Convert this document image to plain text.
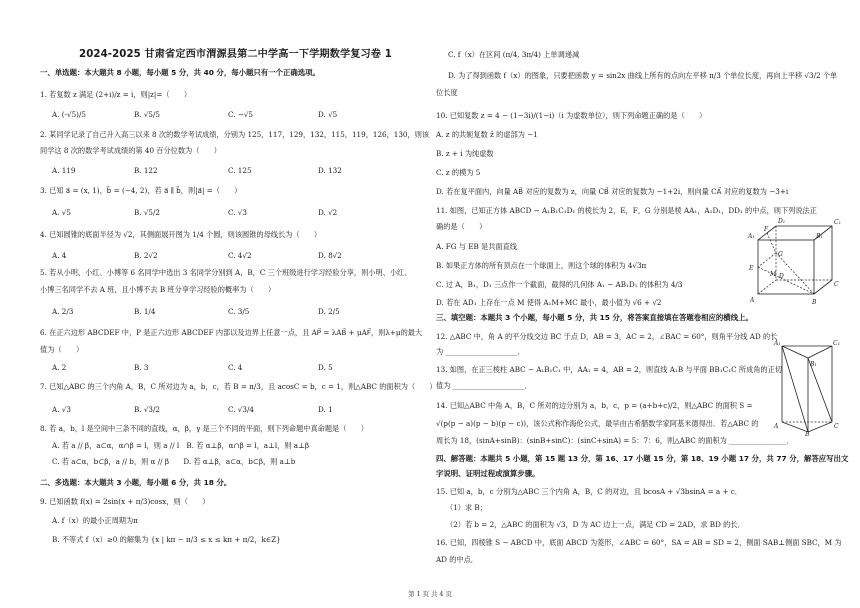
2024-2025 甘肃省定西市渭源县第二中学高一下学期数学复习卷 1
一、单选题：本大题共 8 小题，每小题 5 分，共 40 分，每小题只有一个正确选项。
1. 若复数 z 满足 (2+i)/z = i，则|z|=（　　）
A. (-√5)/5	B. √5/5	C. −√5	D. √5
2. 某同学记录了自己升入高三以来 8 次的数学考试成绩，分别为 125，117，129，132，115，119，126，130，则该
同学这 8 次的数学考试成绩的第 40 百分位数为（　　）
A. 119	B. 122	C. 125	D. 132
3. 已知 a⃗ = (x, 1)，b⃗ = (−4, 2)，若 a⃗ ∥ b⃗，则|a⃗| =（　　）
A. √5	B. √5/2	C. √3	D. √2
4. 已知圆锥的底面半径为 √2，其侧面展开图为 1/4 个圆，则该圆锥的母线长为（　　）
A. 4	B. 2√2	C. 4√2	D. 8√2
5. 若从小明、小红、小博等 6 名同学中选出 3 名同学分别到 A，B，C 三个班级进行学习经验分享，则小明、小红、
小博三名同学不去 A 班，且小博不去 B 班分享学习经验的概率为（　　）
A. 2/3	B. 1/4	C. 3/5	D. 2/5
6. 在正六边形 ABCDEF 中，P 是正六边形 ABCDEF 内部以及边界上任意一点，且 AP⃗ = λAB⃗ + μAF⃗，则λ+μ的最大
值为（　　）
A. 2	B. 3	C. 4	D. 5
7. 已知△ABC 的三个内角 A，B，C 所对边为 a，b，c，若 B = π/3，且 acosC = b，c = 1，则△ABC 的面积为（　　）
A. √3	B. √3/2	C. √3/4	D. 1
8. 若 a，b，l 是空间中三条不同的直线，α，β，γ 是三个不同的平面，则下列命题中真命题是（　　）
A. 若 a // β，a⊂α，α∩β = l，则 a // l　B. 若 α⊥β，α∩β = l，a⊥l，则 a⊥β
C. 若 a⊂α，b⊂β，a // b，则 α // β　　D. 若 α⊥β，a⊂α，b⊂β，则 a⊥b
二、多选题：本大题共 3 小题，每小题 6 分，共 18 分。
9. 已知函数 f(x) = 2sin(x + π/3)cosx，则（　　）
A. f（x）的最小正周期为π
B. 不等式 f（x）≥0 的解集为 {x | kπ − π/3 ≤ x ≤ kπ + π/2，k∈Z}
C. f（x）在区间 (π/4, 3π/4) 上单调递减
D. 为了得到函数 f（x）的图象，只要把函数 y = sin2x 曲线上所有的点向左平移 π/3 个单位长度，再向上平移 √3/2 个单
位长度
10. 已知复数 z = 4 − (1−3i)/(1−i)（i 为虚数单位），则下列命题正确的是（　　）
A. z 的共轭复数 z̄ 的虚部为 −1
B. z + i 为纯虚数
C. z 的模为 5
D. 若在复平面内，向量 AB⃗ 对应的复数为 z，向量 CB⃗ 对应的复数为 −1+2i，则向量 CA⃗ 对应的复数为 −3+i
11. 如图，已知正方体 ABCD − A₁B₁C₁D₁ 的棱长为 2，E，F，G 分别是棱 AA₁，A₁D₁，DD₁ 的中点，则下列说法正
确的是（　　）
A. FG 与 EB 是共面直线
B. 如果正方体的所有顶点在一个球面上，则这个球的体积为 4√3π
C. 过 A，B₁，D₁ 三点作一个截面，截得的几何体 A₁ − AB₁D₁ 的体积为 4/3
D. 若在 AD₁ 上存在一点 M 使得 A₁M+MC 最小，最小值为 √6 + √2
三、填空题：本题共 3 个小题，每小题 5 分，共 15 分，将答案直接填在答题卷相应的横线上。
12. △ABC 中，角 A 的平分线交边 BC 于点 D，AB = 3，AC = 2，∠BAC = 60°，则角平分线 AD 的长
为 ____________________．
13. 如图，在正三棱柱 ABC − A₁B₁C₁ 中，AA₁ = 4，AB = 2，则直线 A₁B 与平面 BB₁C₁C 所成角的正切
值为 ____________________．
14. 已知△ABC 中角 A，B，C 所对的边分别为 a，b，c，p = (a+b+c)/2，则△ABC 的面积 S =
√(p(p − a)(p − b)(p − c))，该公式称作海伦公式，最早由古希腊数学家阿基米德得出．若△ABC 的
周长为 18，(sinA+sinB)：(sinB+sinC)：(sinC+sinA) = 5：7：6，则△ABC 的面积为 ________________．
四、解答题：本题共 5 小题，第 15 题 13 分，第 16、17 小题 15 分，第 18、19 小题 17 分，共 77 分，解答应写出文
字说明、证明过程或演算步骤。
15. 已知 a，b，c 分别为△ABC 三个内角 A，B，C 的对边，且 bcosA + √3bsinA = a + c．
（1）求 B；
（2）若 b = 2，△ABC 的面积为 √3，D 为 AC 边上一点，满足 CD = 2AD，求 BD 的长．
16. 已知，四棱锥 S − ABCD 中，底面 ABCD 为菱形，∠ABC = 60°，SA = AB = SD = 2，侧面 SAB⊥侧面 SBC，M 为
AD 的中点．
A₁
D₁	C₁
B₁
F
G
E
M D
C
A	B
A₁	C₁
B₁
A	C
B
第 1 页 共 4 页
